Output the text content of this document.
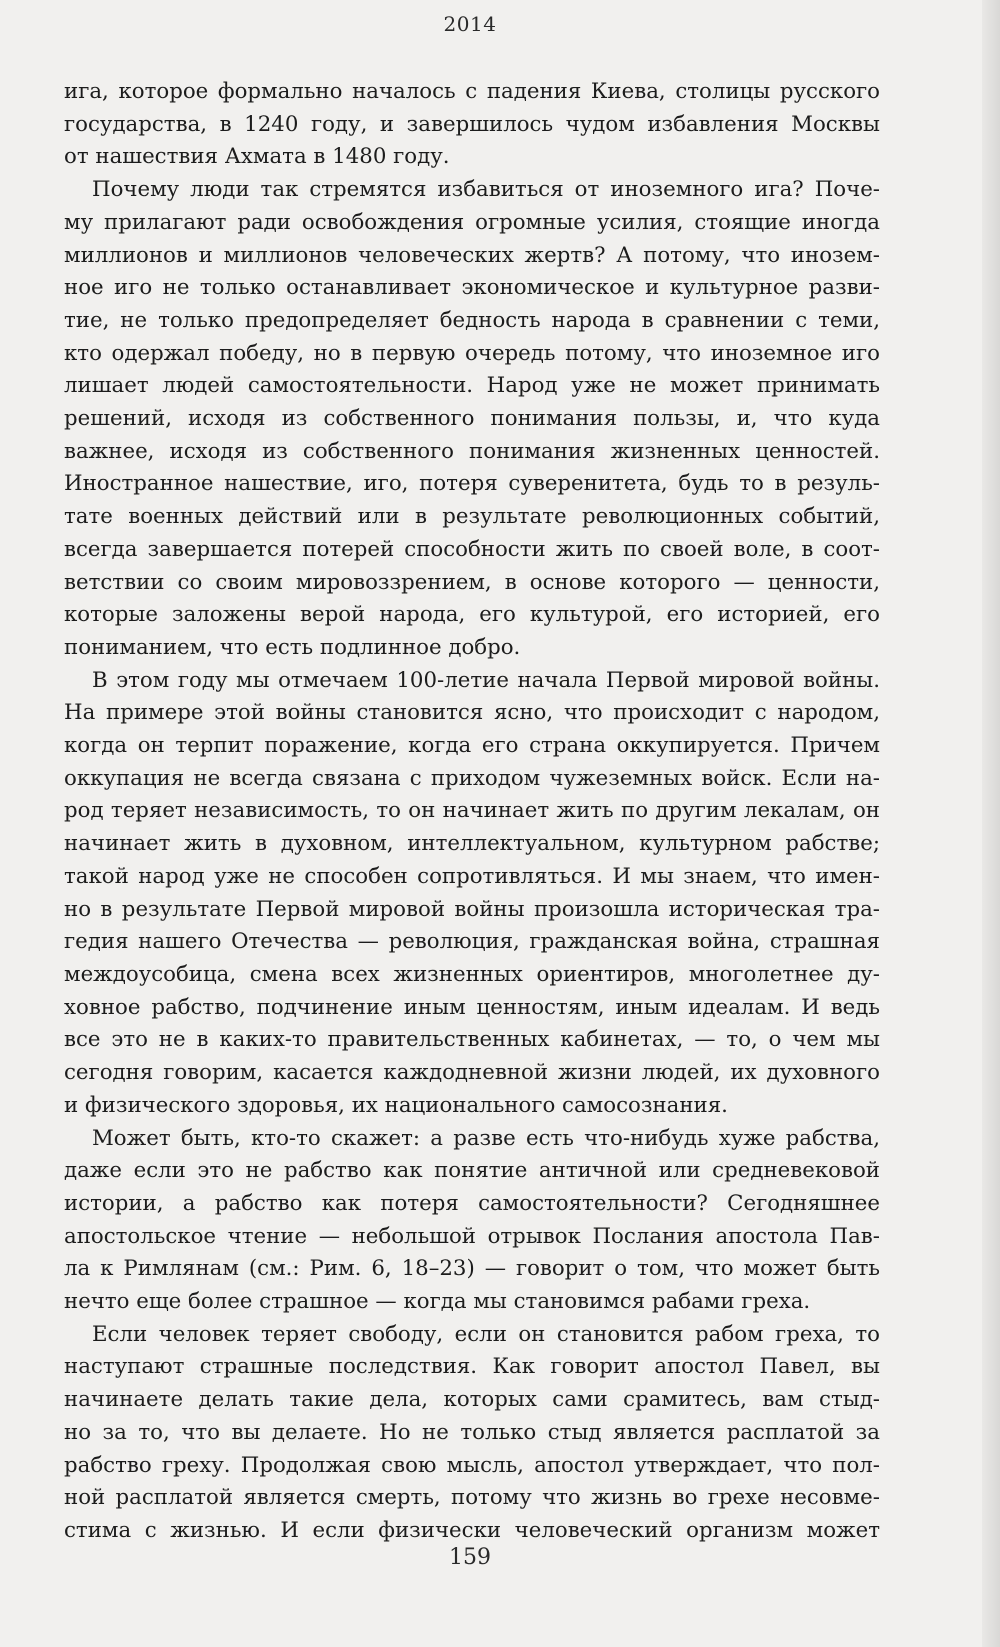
2014

ига, которое формально началось с падения Киева, столицы русского
государства, в 1240 году, и завершилось чудом избавления Москвы
от нашествия Ахмата в 1480 году.

Почему люди так стремятся избавиться от иноземного ига? Поче-
му прилагают ради освобождения огромные усилия, стоящие иногда
миллионов и миллионов человеческих жертв? А потому, что инозем-
ное иго не только останавливает экономическое и культурное разви-
тие, не только предопределяет бедность народа в сравнении с теми,
кто одержал победу, но в первую очередь потому, что иноземное иго
лишает людей самостоятельности. Народ уже не может принимать
решений, исходя из собственного понимания пользы, и, что куда
важнее, исходя из собственного понимания жизненных ценностей.
Иностранное нашествие, иго, потеря суверенитета, будь то в резуль-
тате военных действий или в результате революционных событий,
всегда завершается потерей способности жить по своей воле, в соот-
ветствии со своим мировоззрением, в основе которого — ценности,
которые заложены верой народа, его культурой, его историей, его
пониманием, что есть подлинное добро.

В этом году мы отмечаем 100-летие начала Первой мировой войны.
На примере этой войны становится ясно, что происходит с народом,
когда он терпит поражение, когда его страна оккупируется. Причем
оккупация не всегда связана с приходом чужеземных войск. Если на-
род теряет независимость, то он начинает жить по другим лекалам, он
начинает жить в духовном, интеллектуальном, культурном рабстве;
такой народ уже не способен сопротивляться. И мы знаем, что имен-
но в результате Первой мировой войны произошла историческая тра-
гедия нашего Отечества — революция, гражданская война, страшная
междоусобица, смена всех жизненных ориентиров, многолетнее ду-
ховное рабство, подчинение иным ценностям, иным идеалам. И ведь
все это не в каких-то правительственных кабинетах, — то, о чем мы
сегодня говорим, касается каждодневной жизни людей, их духовного
и физического здоровья, их национального самосознания.

Может быть, кто-то скажет: а разве есть что-нибудь хуже рабства,
даже если это не рабство как понятие античной или средневековой
истории, а рабство как потеря самостоятельности? Сегодняшнее
апостольское чтение — небольшой отрывок Послания апостола Пав-
ла к Римлянам (см.: Рим. 6, 18–23) — говорит о том, что может быть
нечто еще более страшное — когда мы становимся рабами греха.

Если человек теряет свободу, если он становится рабом греха, то
наступают страшные последствия. Как говорит апостол Павел, вы
начинаете делать такие дела, которых сами срамитесь, вам стыд-
но за то, что вы делаете. Но не только стыд является расплатой за
рабство греху. Продолжая свою мысль, апостол утверждает, что пол-
ной расплатой является смерть, потому что жизнь во грехе несовме-
стима с жизнью. И если физически человеческий организм может

159
